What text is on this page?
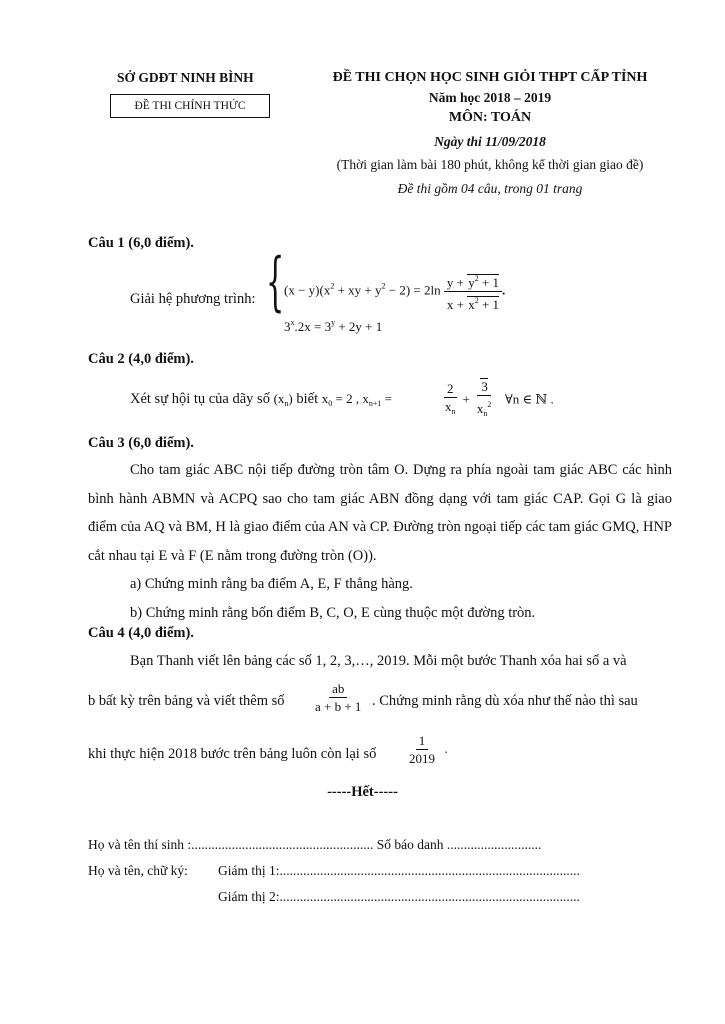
SỞ GDĐT NINH BÌNH
ĐỀ THI CHÍNH THỨC
ĐỀ THI CHỌN HỌC SINH GIỎI THPT CẤP TỈNH
Năm học 2018 – 2019
MÔN: TOÁN
Ngày thi 11/09/2018
(Thời gian làm bài 180 phút, không kể thời gian giao đề)
Đề thi gồm 04 câu, trong 01 trang
Câu 1 (6,0 điểm).
Giải hệ phương trình: { $(x - y)(x^2$ + xy + $y^2 - 2) = 2\ln \frac{y + y^2 + 1}{x + x^2 + 1}$ .
$3^x.2x = 3^y + 2y + 1$
Câu 2 (4,0 điểm).
Xét sự hội tụ của dãy số $(x_n)$ biết $x_0 = 2$ , $x_{n+1}$ =	$\frac{2}{x_n} + \frac{3}{x_n^2}$ ∀n ∈ ℕ .
Câu 3 (6,0 điểm).

Cho tam giác ABC nội tiếp đường tròn tâm O. Dựng ra phía ngoài tam giác ABC các hình bình hành ABMN và ACPQ sao cho tam giác ABN đồng dạng với tam giác CAP. Gọi G là giao điểm của AQ và BM, H là giao điểm của AN và CP. Đường tròn ngoại tiếp các tam giác GMQ, HNP cắt nhau tại E và F (E nằm trong đường tròn (O)).

a) Chứng minh rằng ba điểm A, E, F thẳng hàng.

b) Chứng minh rằng bốn điểm B, C, O, E cùng thuộc một đường tròn.

Câu 4 (4,0 điểm).
Bạn Thanh viết lên bảng các số 1, 2, 3,…, 2019. Mỗi một bước Thanh xóa hai số a và
b bất kỳ trên bảng và viết thêm số $\frac{ab}{a + b + 1}$ . Chứng minh rằng dù xóa như thế nào thì sau
khi thực hiện 2018 bước trên bảng luôn còn lại số $\frac{1}{2019}$ .
-----Hết-----
Họ và tên thí sinh :...................................................... Số báo danh ............................
Họ và tên, chữ ký: Giám thị 1:.........................................................................................
Giám thị 2:.........................................................................................
